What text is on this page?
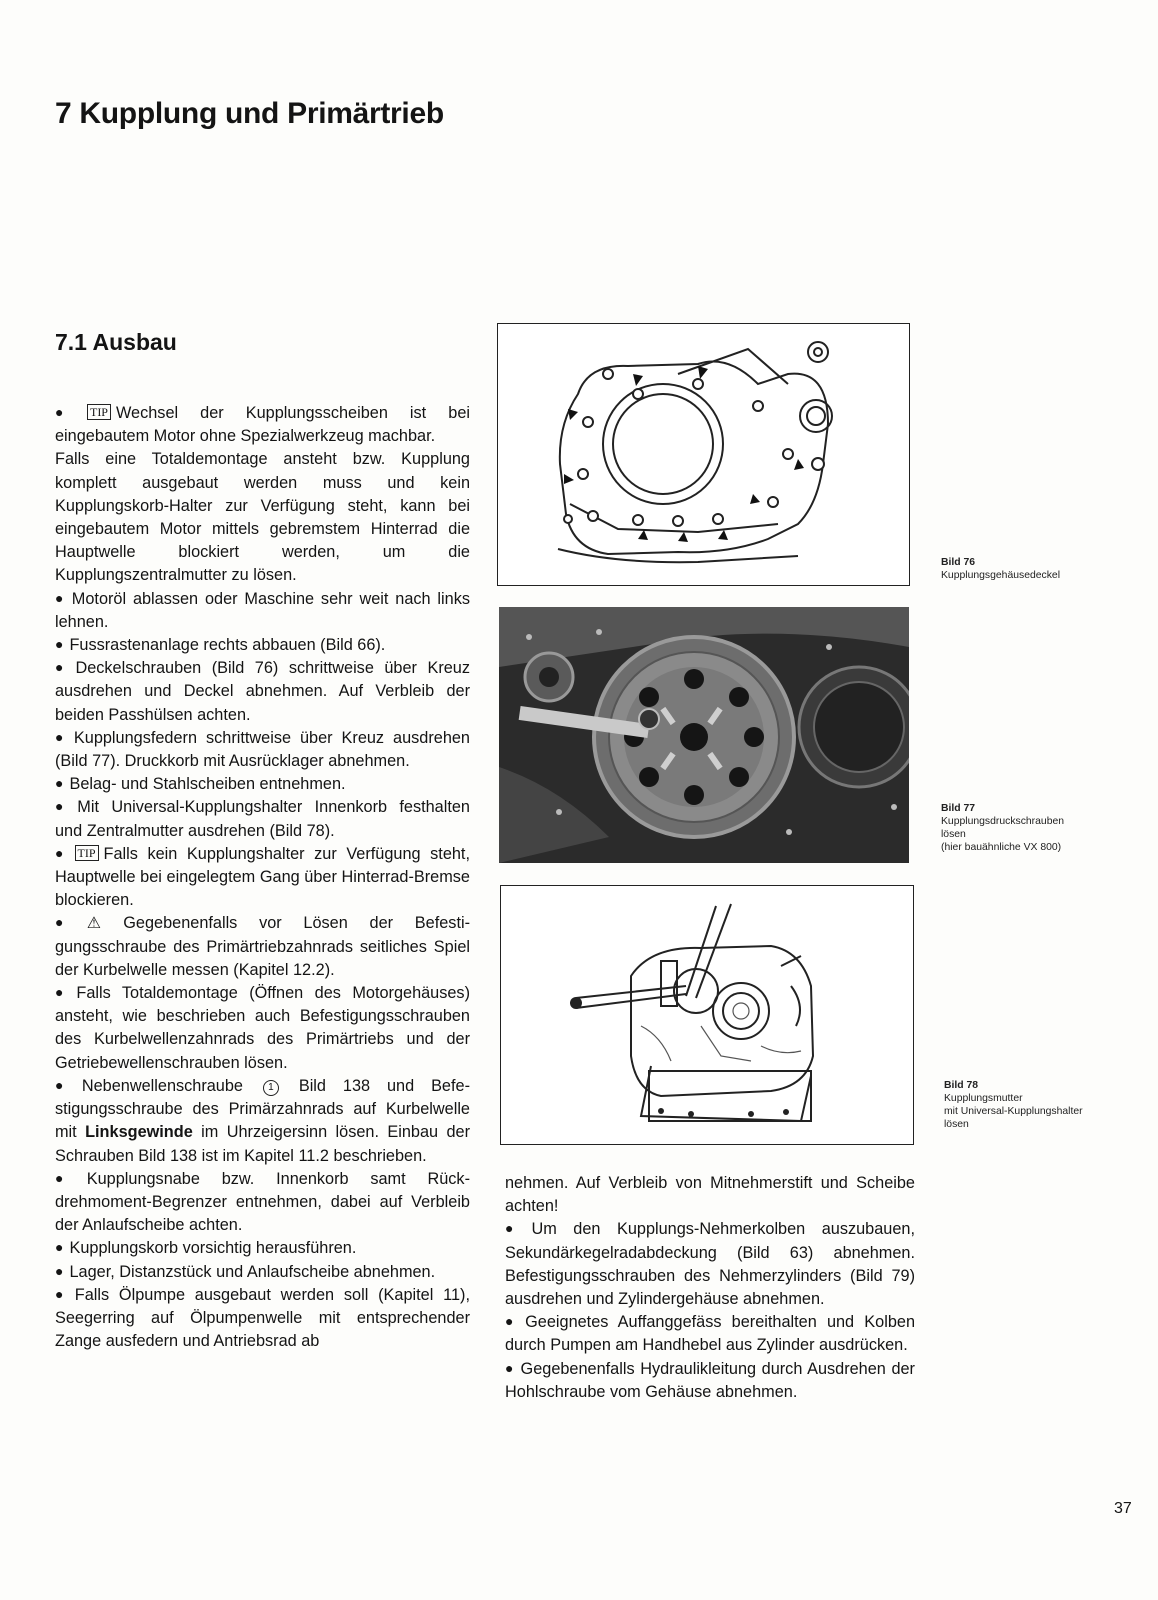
7 Kupplung und Primärtrieb
7.1 Ausbau

● TIP Wechsel der Kupplungsscheiben ist bei eingebautem Motor ohne Spezialwerkzeug machbar.

Falls eine Totaldemontage ansteht bzw. Kupplung komplett ausgebaut werden muss und kein Kupplungskorb-Halter zur Verfügung steht, kann bei eingebautem Motor mittels gebremstem Hinterrad die Hauptwelle blockiert werden, um die Kupplungszentralmutter zu lösen.

● Motoröl ablassen oder Maschine sehr weit nach links lehnen.

● Fussrastenanlage rechts abbauen (Bild 66).

● Deckelschrauben (Bild 76) schrittweise über Kreuz ausdrehen und Deckel abnehmen. Auf Verbleib der beiden Passhülsen achten.

● Kupplungsfedern schrittweise über Kreuz ausdrehen (Bild 77). Druckkorb mit Ausrücklager abnehmen.

● Belag- und Stahlscheiben entnehmen.

● Mit Universal-Kupplungshalter Innenkorb festhalten und Zentralmutter ausdrehen (Bild 78).

● TIP Falls kein Kupplungshalter zur Verfügung steht, Hauptwelle bei eingelegtem Gang über Hinterrad-Bremse blockieren.

● ⚠ Gegebenenfalls vor Lösen der Befestigungsschraube des Primärtriebzahnrads seitliches Spiel der Kurbelwelle messen (Kapitel 12.2).

● Falls Totaldemontage (Öffnen des Motorgehäuses) ansteht, wie beschrieben auch Befestigungsschrauben des Kurbelwellenzahnrads des Primärtriebs und der Getriebewellenschrauben lösen.

● Nebenwellenschraube	1 Bild 138 und Befestigungsschraube des Primärzahnrads auf Kurbelwelle mit Linksgewinde im Uhrzeigersinn lösen. Einbau der Schrauben Bild 138 ist im Kapitel 11.2 beschrieben.

● Kupplungsnabe bzw. Innenkorb samt Rückdrehmoment-Begrenzer entnehmen, dabei auf Verbleib der Anlaufscheibe achten.

● Kupplungskorb vorsichtig herausführen.

● Lager, Distanzstück und Anlaufscheibe abnehmen.

● Falls Ölpumpe ausgebaut werden soll (Kapitel 11), Seegerring auf Ölpumpenwelle mit entsprechender Zange ausfedern und Antriebsrad ab

nehmen. Auf Verbleib von Mitnehmerstift und Scheibe achten!

● Um den Kupplungs-Nehmerkolben auszubauen, Sekundärkegelradabdeckung (Bild 63) abnehmen. Befestigungsschrauben des Nehmerzylinders (Bild 79) ausdrehen und Zylindergehäuse abnehmen.

● Geeignetes Auffanggefäss bereithalten und Kolben durch Pumpen am Handhebel aus Zylinder ausdrücken.

● Gegebenenfalls Hydraulikleitung durch Ausdrehen der Hohlschraube vom Gehäuse abnehmen.

Bild 76
Kupplungsgehäusedeckel
Bild 77
Kupplungsdruckschrauben
lösen
(hier bauähnliche VX 800)
Bild 78
Kupplungsmutter
mit Universal-Kupplungshalter
lösen
37
